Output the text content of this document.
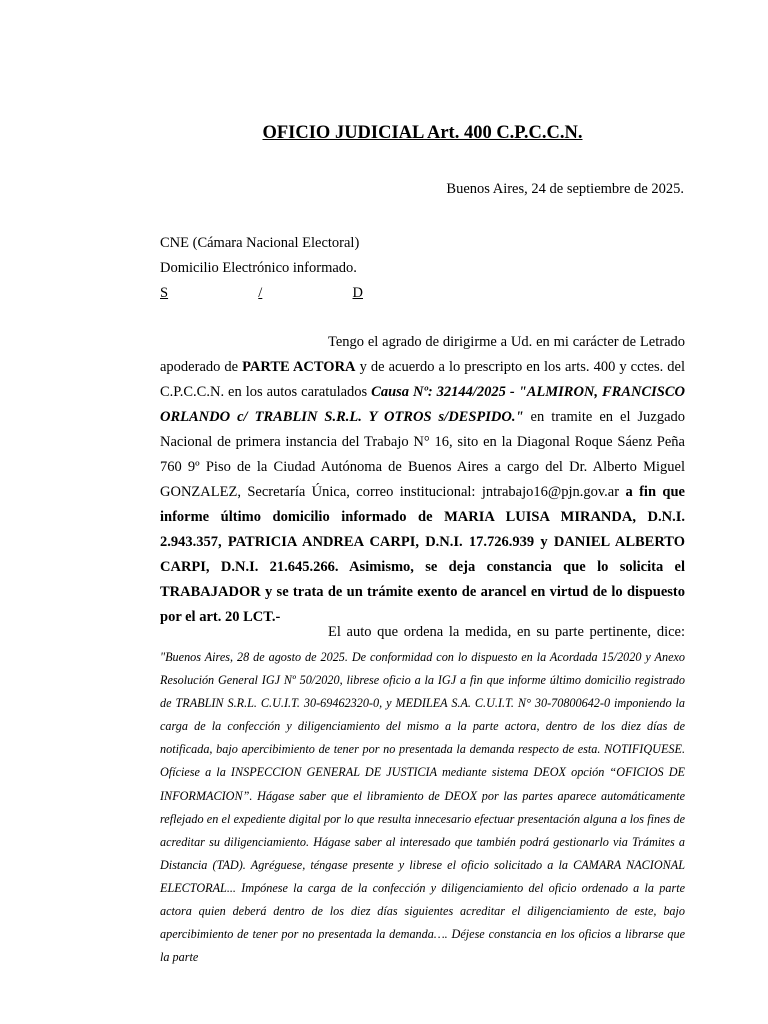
OFICIO JUDICIAL Art. 400 C.P.C.C.N.
Buenos Aires, 24 de septiembre de 2025.
CNE (Cámara Nacional Electoral)
Domicilio Electrónico informado.
S	/	D
Tengo el agrado de dirigirme a Ud. en mi carácter de Letrado apoderado de PARTE ACTORA y de acuerdo a lo prescripto en los arts. 400 y cctes. del C.P.C.C.N. en los autos caratulados Causa Nº: 32144/2025 - "ALMIRON, FRANCISCO ORLANDO c/ TRABLIN S.R.L. Y OTROS s/DESPIDO." en tramite en el Juzgado Nacional de primera instancia del Trabajo N° 16, sito en la Diagonal Roque Sáenz Peña 760 9º Piso de la Ciudad Autónoma de Buenos Aires a cargo del Dr. Alberto Miguel GONZALEZ, Secretaría Única, correo institucional: jntrabajo16@pjn.gov.ar a fin que informe último domicilio informado de MARIA LUISA MIRANDA, D.N.I. 2.943.357, PATRICIA ANDREA CARPI, D.N.I. 17.726.939 y DANIEL ALBERTO CARPI, D.N.I. 21.645.266. Asimismo, se deja constancia que lo solicita el TRABAJADOR y se trata de un trámite exento de arancel en virtud de lo dispuesto por el art. 20 LCT.-
El auto que ordena la medida, en su parte pertinente, dice:
"Buenos Aires, 28 de agosto de 2025. De conformidad con lo dispuesto en la Acordada 15/2020 y Anexo Resolución General IGJ Nº 50/2020, librese oficio a la IGJ a fin que informe último domicilio registrado de TRABLIN S.R.L. C.U.I.T. 30-69462320-0, y MEDILEA S.A. C.U.I.T. N° 30-70800642-0 imponiendo la carga de la confección y diligenciamiento del mismo a la parte actora, dentro de los diez días de notificada, bajo apercibimiento de tener por no presentada la demanda respecto de esta. NOTIFIQUESE. Ofíciese a la INSPECCION GENERAL DE JUSTICIA mediante sistema DEOX opción “OFICIOS DE INFORMACION”. Hágase saber que el libramiento de DEOX por las partes aparece automáticamente reflejado en el expediente digital por lo que resulta innecesario efectuar presentación alguna a los fines de acreditar su diligenciamiento. Hágase saber al interesado que también podrá gestionarlo via Trámites a Distancia (TAD). Agréguese, téngase presente y librese el oficio solicitado a la CAMARA NACIONAL ELECTORAL... Impónese la carga de la confección y diligenciamiento del oficio ordenado a la parte actora quien deberá dentro de los diez días siguientes acreditar el diligenciamiento de este, bajo apercibimiento de tener por no presentada la demanda…. Déjese constancia en los oficios a librarse que la parte
